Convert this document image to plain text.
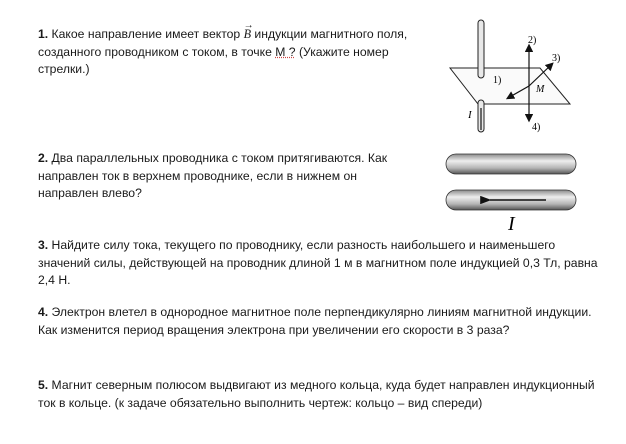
1. Какое направление имеет вектор → B индукции магнитного поля, созданного проводником с током, в точке М ? (Укажите номер стрелки.)

2)
3)
1)
M
I
4)

2. Два параллельных проводника с током притягиваются. Как направлен ток в верхнем проводнике, если в нижнем он направлен влево?

I

3. Найдите силу тока, текущего по проводнику, если разность наибольшего и наименьшего значений силы, действующей на проводник длиной 1 м в магнитном поле индукцией 0,3 Тл, равна 2,4 Н.

4. Электрон влетел в однородное магнитное поле перпендикулярно линиям магнитной индукции. Как изменится период вращения электрона при увеличении его скорости в 3 раза?

5. Магнит северным полюсом выдвигают из медного кольца, куда будет направлен индукционный ток в кольце. (к задаче обязательно выполнить чертеж: кольцо – вид спереди)
